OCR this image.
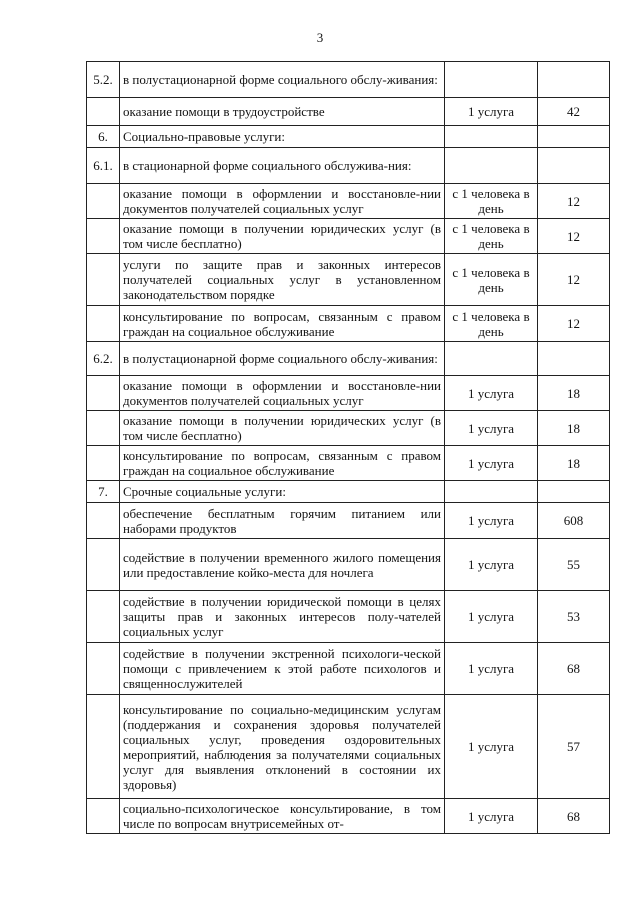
3
5.2.	в полустационарной форме социального обслу-живания:		
	оказание помощи в трудоустройстве	1 услуга	42
6.	Социально-правовые услуги:		
6.1.	в стационарной форме социального обслужива-ния:		
	оказание помощи в оформлении и восстановле-нии документов получателей социальных услуг	с 1 человека в день	12
	оказание помощи в получении юридических услуг (в том числе бесплатно)	с 1 человека в день	12
	услуги по защите прав и законных интересов получателей социальных услуг в установленном законодательством порядке	с 1 человека в день	12
	консультирование по вопросам, связанным с правом граждан на социальное обслуживание	с 1 человека в день	12
6.2.	в полустационарной форме социального обслу-живания:		
	оказание помощи в оформлении и восстановле-нии документов получателей социальных услуг	1 услуга	18
	оказание помощи в получении юридических услуг (в том числе бесплатно)	1 услуга	18
	консультирование по вопросам, связанным с правом граждан на социальное обслуживание	1 услуга	18
7.	Срочные социальные услуги:		
	обеспечение бесплатным горячим питанием или наборами продуктов	1 услуга	608
	содействие в получении временного жилого помещения или предоставление койко-места для ночлега	1 услуга	55
	содействие в получении юридической помощи в целях защиты прав и законных интересов полу-чателей социальных услуг	1 услуга	53
	содействие в получении экстренной психологи-ческой помощи с привлечением к этой работе психологов и священнослужителей	1 услуга	68
	консультирование по социально-медицинским услугам (поддержания и сохранения здоровья получателей социальных услуг, проведения оздоровительных мероприятий, наблюдения за получателями социальных услуг для выявления отклонений в состоянии их здоровья)	1 услуга	57
	социально-психологическое консультирование, в том числе по вопросам внутрисемейных от-	1 услуга	68
